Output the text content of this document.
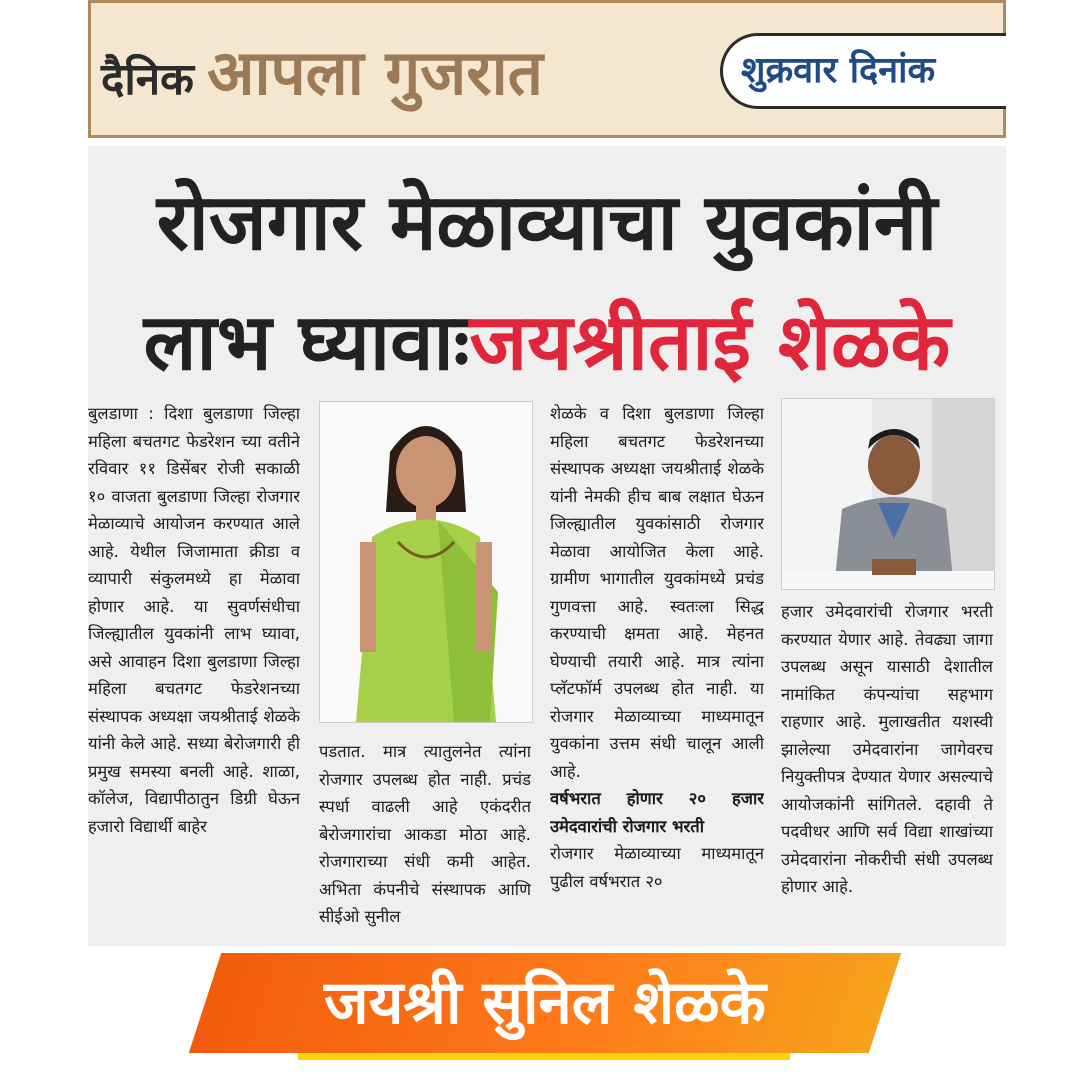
दैनिक आपला गुजरात	शुक्रवार दिनांक
रोजगार मेळाव्याचा युवकांनी
लाभ घ्यावाःजयश्रीताई शेळके
बुलडाणा : दिशा बुलडाणा जिल्हा महिला बचतगट फेडरेशन च्या वतीने रविवार ११ डिसेंबर रोजी सकाळी १० वाजता बुलडाणा जिल्हा रोजगार मेळाव्याचे आयोजन करण्यात आले आहे. येथील जिजामाता क्रीडा व व्यापारी संकुलमध्ये हा मेळावा होणार आहे. या सुवर्णसंधीचा जिल्ह्यातील युवकांनी लाभ घ्यावा, असे आवाहन दिशा बुलडाणा जिल्हा महिला बचतगट फेडरेशनच्या संस्थापक अध्यक्षा जयश्रीताई शेळके यांनी केले आहे. सध्या बेरोजगारी ही प्रमुख समस्या बनली आहे. शाळा, कॉलेज, विद्यापीठातुन डिग्री घेऊन हजारो विद्यार्थी बाहेर
पडतात. मात्र त्यातुलनेत त्यांना रोजगार उपलब्ध होत नाही. प्रचंड स्पर्धा वाढली आहे एकंदरीत बेरोजगारांचा आकडा मोठा आहे. रोजगाराच्या संधी कमी आहेत. अभिता कंपनीचे संस्थापक आणि सीईओ सुनील
शेळके व दिशा बुलडाणा जिल्हा महिला बचतगट फेडरेशनच्या संस्थापक अध्यक्षा जयश्रीताई शेळके यांनी नेमकी हीच बाब लक्षात घेऊन जिल्ह्यातील युवकांसाठी रोजगार मेळावा आयोजित केला आहे. ग्रामीण भागातील युवकांमध्ये प्रचंड गुणवत्ता आहे. स्वतःला सिद्ध करण्याची क्षमता आहे. मेहनत घेण्याची तयारी आहे. मात्र त्यांना प्लॅटफॉर्म उपलब्ध होत नाही. या रोजगार मेळाव्याच्या माध्यमातून युवकांना उत्तम संधी चालून आली आहे.
वर्षभरात होणार २० हजार उमेदवारांची रोजगार भरती
रोजगार मेळाव्याच्या माध्यमातून पुढील वर्षभरात २०
हजार उमेदवारांची रोजगार भरती करण्यात येणार आहे. तेवढ्या जागा उपलब्ध असून यासाठी देशातील नामांकित कंपन्यांचा सहभाग राहणार आहे. मुलाखतीत यशस्वी झालेल्या उमेदवारांना जागेवरच नियुक्तीपत्र देण्यात येणार असल्याचे आयोजकांनी सांगितले. दहावी ते पदवीधर आणि सर्व विद्या शाखांच्या उमेदवारांना नोकरीची संधी उपलब्ध होणार आहे.
जयश्री सुनिल शेळके
